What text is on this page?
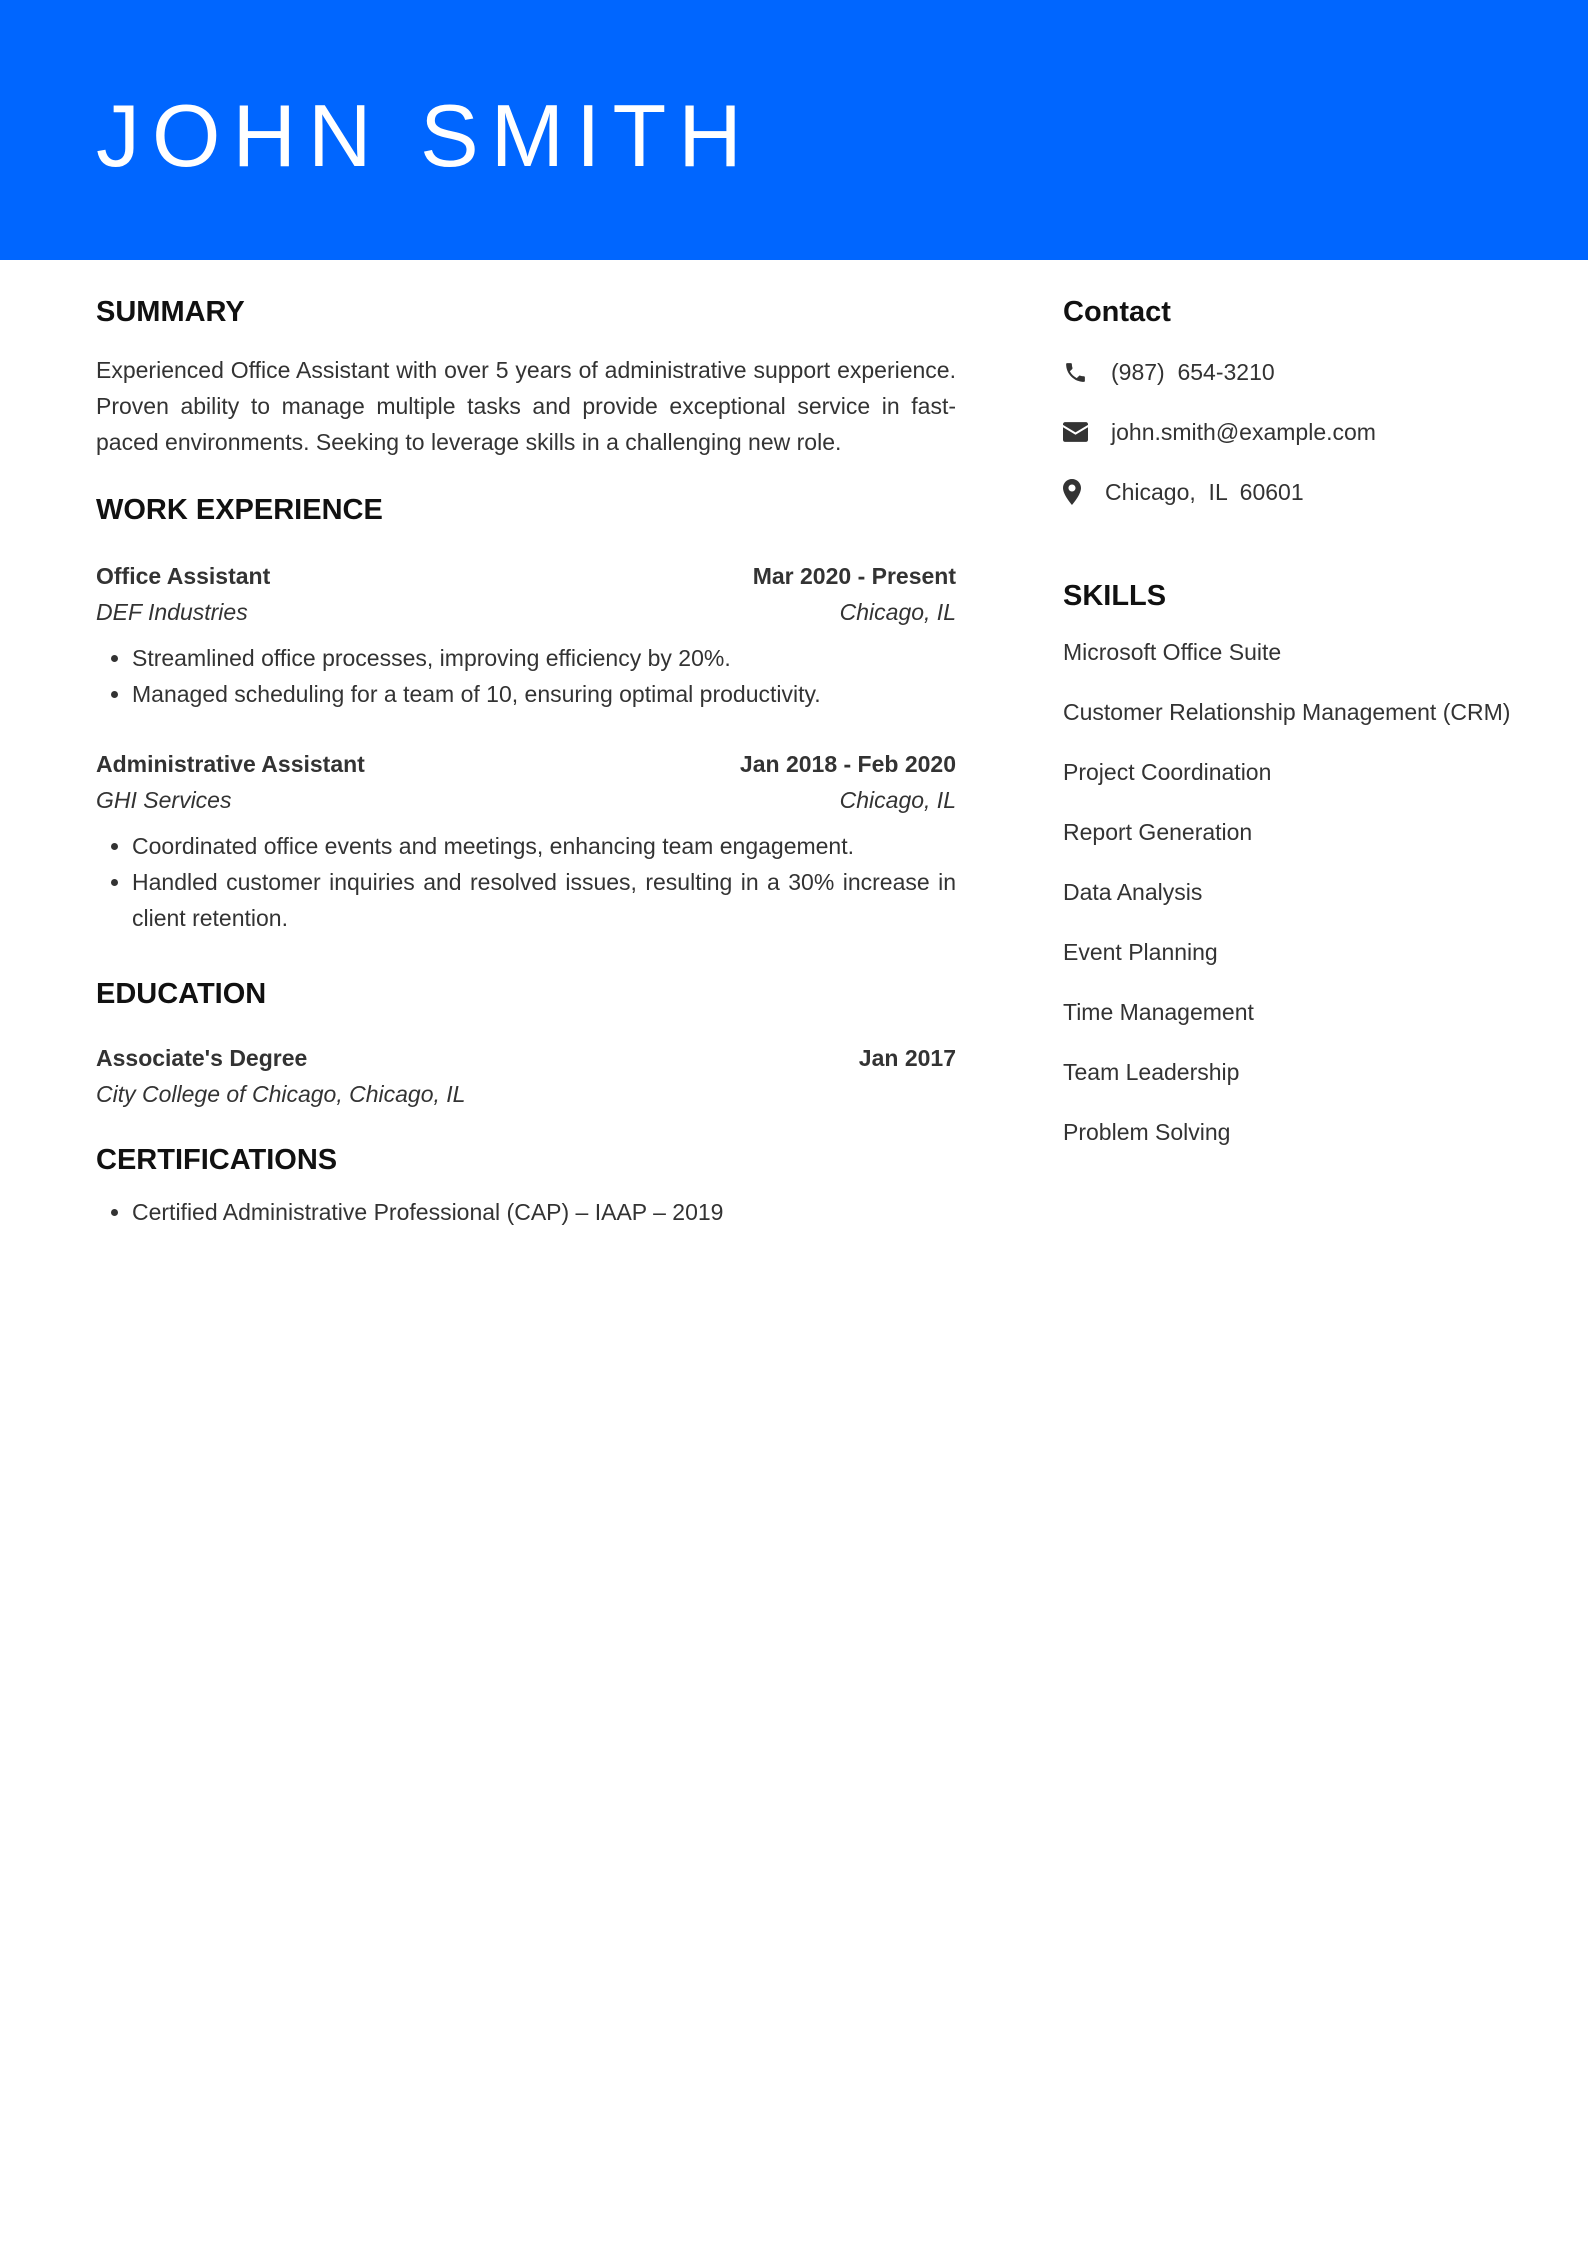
JOHN SMITH
SUMMARY

Experienced Office Assistant with over 5 years of administrative support experience. Proven ability to manage multiple tasks and provide exceptional service in fast-paced environments. Seeking to leverage skills in a challenging new role.

WORK EXPERIENCE
Office Assistant	Mar 2020 - Present
DEF Industries	Chicago, IL
• Streamlined office processes, improving efficiency by 20%.
• Managed scheduling for a team of 10, ensuring optimal productivity.
Administrative Assistant	Jan 2018 - Feb 2020
GHI Services	Chicago, IL
• Coordinated office events and meetings, enhancing team engagement.
• Handled customer inquiries and resolved issues, resulting in a 30% increase in client retention.
EDUCATION
Associate's Degree	Jan 2017
City College of Chicago, Chicago, IL
CERTIFICATIONS
• Certified Administrative Professional (CAP) – IAAP – 2019
Contact
(987)  654-3210
john.smith@example.com
Chicago,  IL  60601
SKILLS
Microsoft Office Suite
Customer Relationship Management (CRM)
Project Coordination
Report Generation
Data Analysis
Event Planning
Time Management
Team Leadership
Problem Solving
